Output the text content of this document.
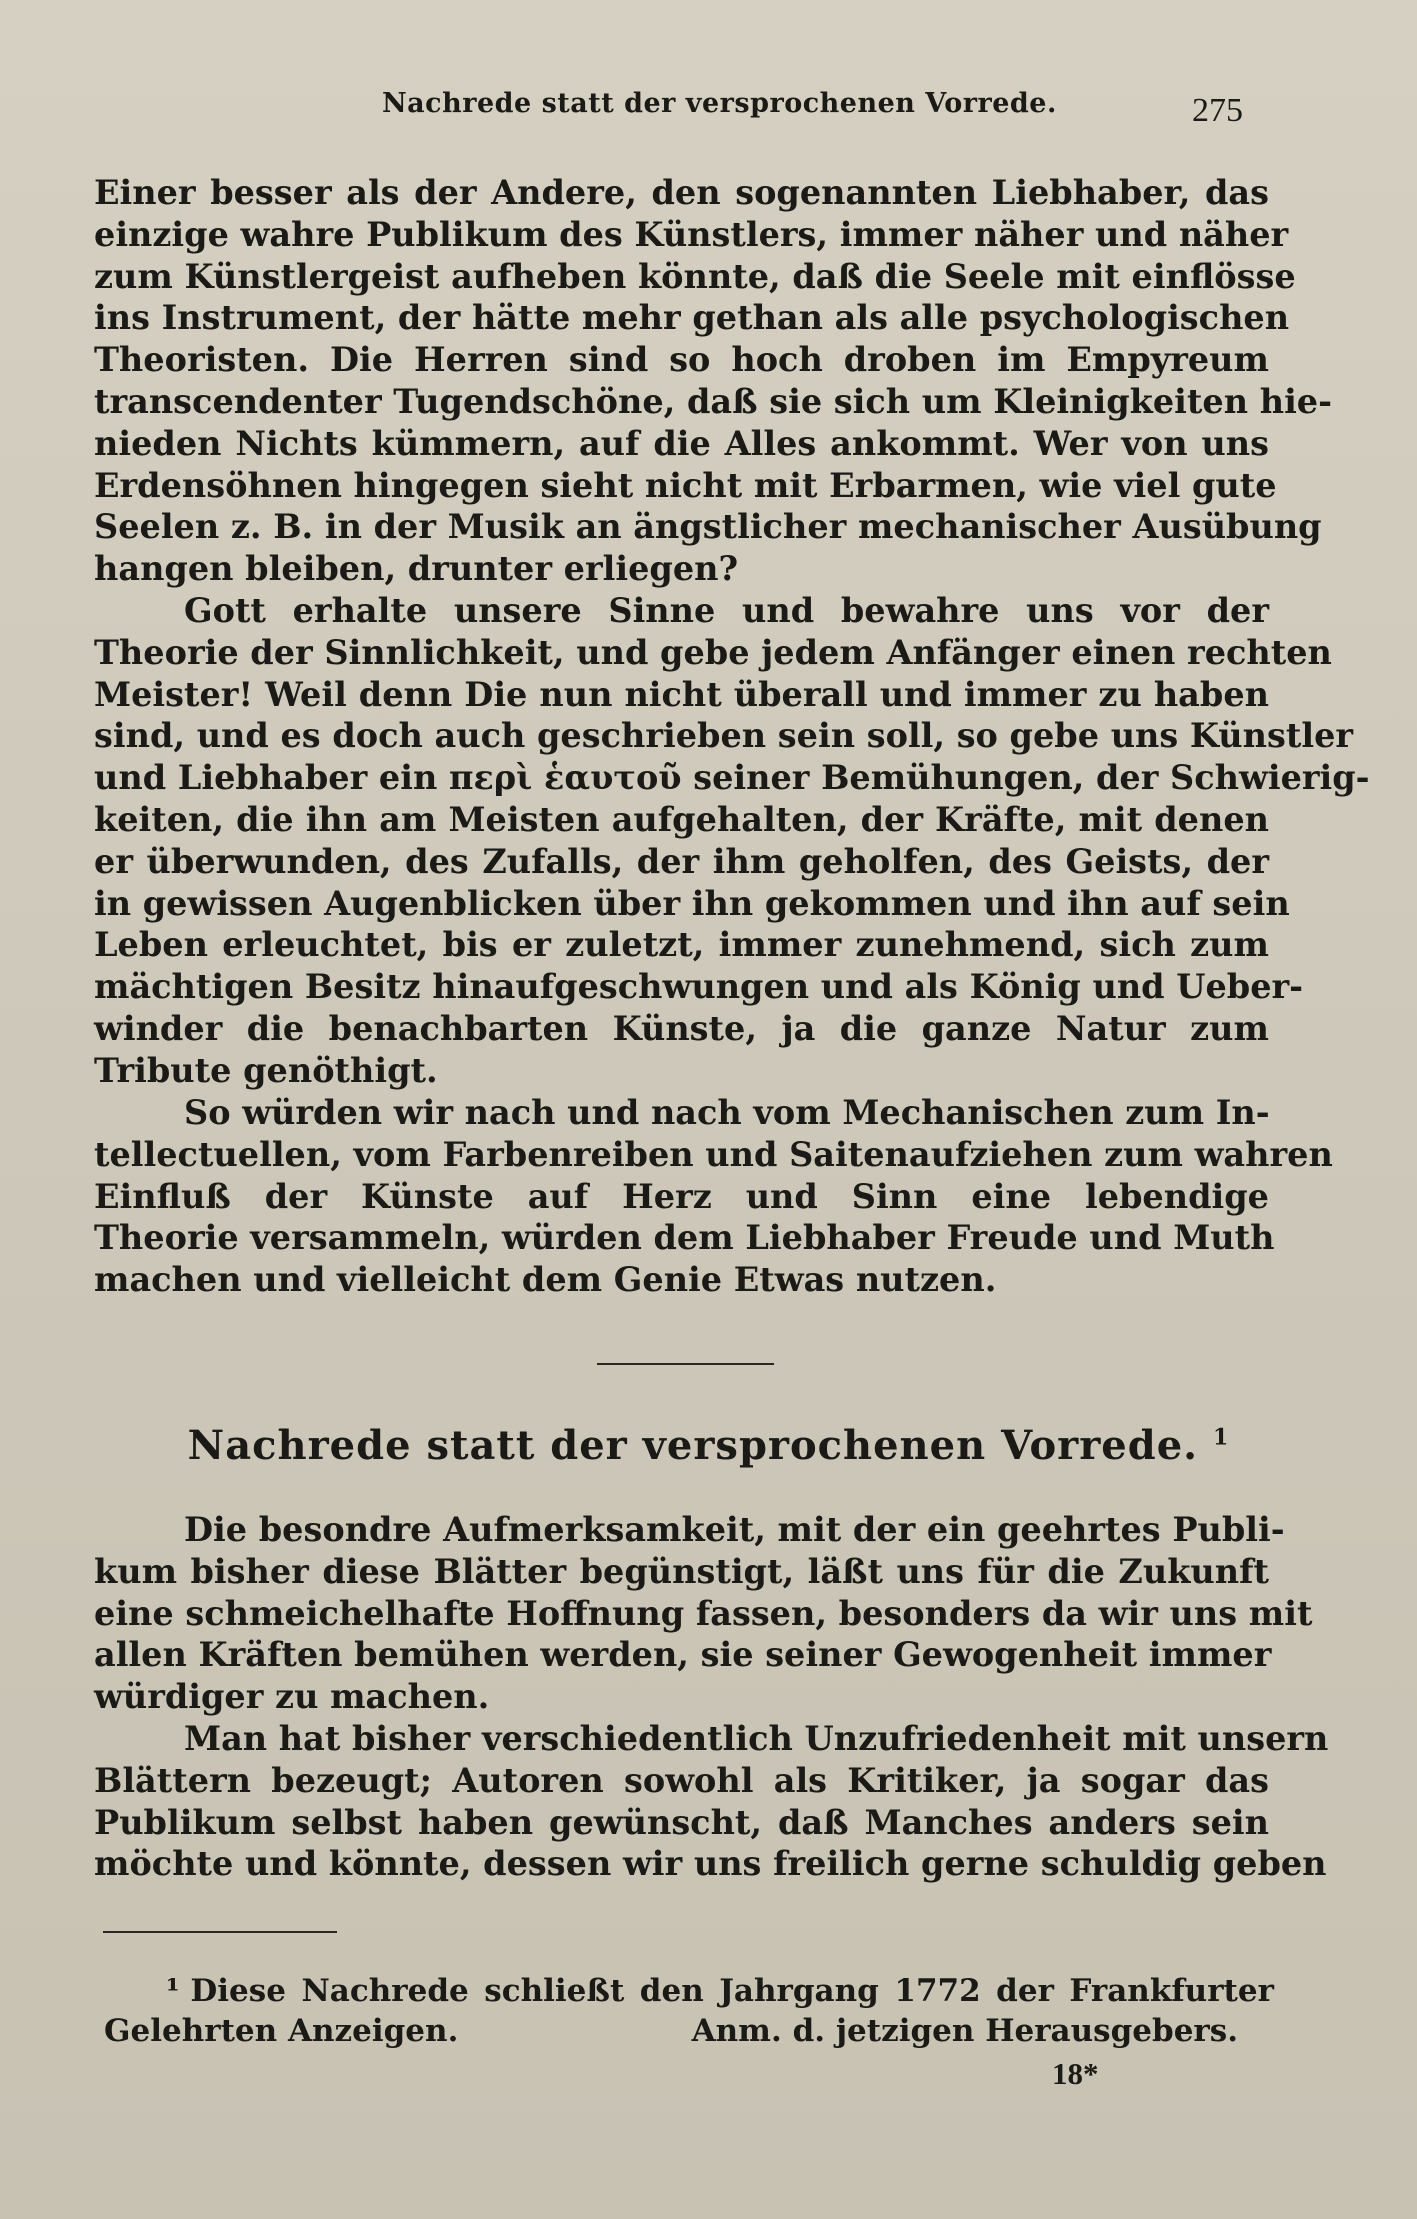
Nachrede statt der versprochenen Vorrede.	275
Einer besser als der Andere, den sogenannten Liebhaber, das
einzige wahre Publikum des Künstlers, immer näher und näher
zum Künstlergeist aufheben könnte, daß die Seele mit einflösse
ins Instrument, der hätte mehr gethan als alle psychologischen
Theoristen. Die Herren sind so hoch droben im Empyreum
transcendenter Tugendschöne, daß sie sich um Kleinigkeiten hie-
nieden Nichts kümmern, auf die Alles ankommt. Wer von uns
Erdensöhnen hingegen sieht nicht mit Erbarmen, wie viel gute
Seelen z. B. in der Musik an ängstlicher mechanischer Ausübung
hangen bleiben, drunter erliegen?
Gott erhalte unsere Sinne und bewahre uns vor der
Theorie der Sinnlichkeit, und gebe jedem Anfänger einen rechten
Meister! Weil denn Die nun nicht überall und immer zu haben
sind, und es doch auch geschrieben sein soll, so gebe uns Künstler
und Liebhaber ein περὶ ἑαυτοῦ seiner Bemühungen, der Schwierig-
keiten, die ihn am Meisten aufgehalten, der Kräfte, mit denen
er überwunden, des Zufalls, der ihm geholfen, des Geists, der
in gewissen Augenblicken über ihn gekommen und ihn auf sein
Leben erleuchtet, bis er zuletzt, immer zunehmend, sich zum
mächtigen Besitz hinaufgeschwungen und als König und Ueber-
winder die benachbarten Künste, ja die ganze Natur zum
Tribute genöthigt.
So würden wir nach und nach vom Mechanischen zum In-
tellectuellen, vom Farbenreiben und Saitenaufziehen zum wahren
Einfluß der Künste auf Herz und Sinn eine lebendige
Theorie versammeln, würden dem Liebhaber Freude und Muth
machen und vielleicht dem Genie Etwas nutzen.
Nachrede statt der versprochenen Vorrede. $^1$
Die besondre Aufmerksamkeit, mit der ein geehrtes Publi-
kum bisher diese Blätter begünstigt, läßt uns für die Zukunft
eine schmeichelhafte Hoffnung fassen, besonders da wir uns mit
allen Kräften bemühen werden, sie seiner Gewogenheit immer
würdiger zu machen.
Man hat bisher verschiedentlich Unzufriedenheit mit unsern
Blättern bezeugt; Autoren sowohl als Kritiker, ja sogar das
Publikum selbst haben gewünscht, daß Manches anders sein
möchte und könnte, dessen wir uns freilich gerne schuldig geben
¹ Diese Nachrede schließt den Jahrgang 1772 der Frankfurter
Gelehrten Anzeigen.	Anm. d. jetzigen Herausgebers.
18*
